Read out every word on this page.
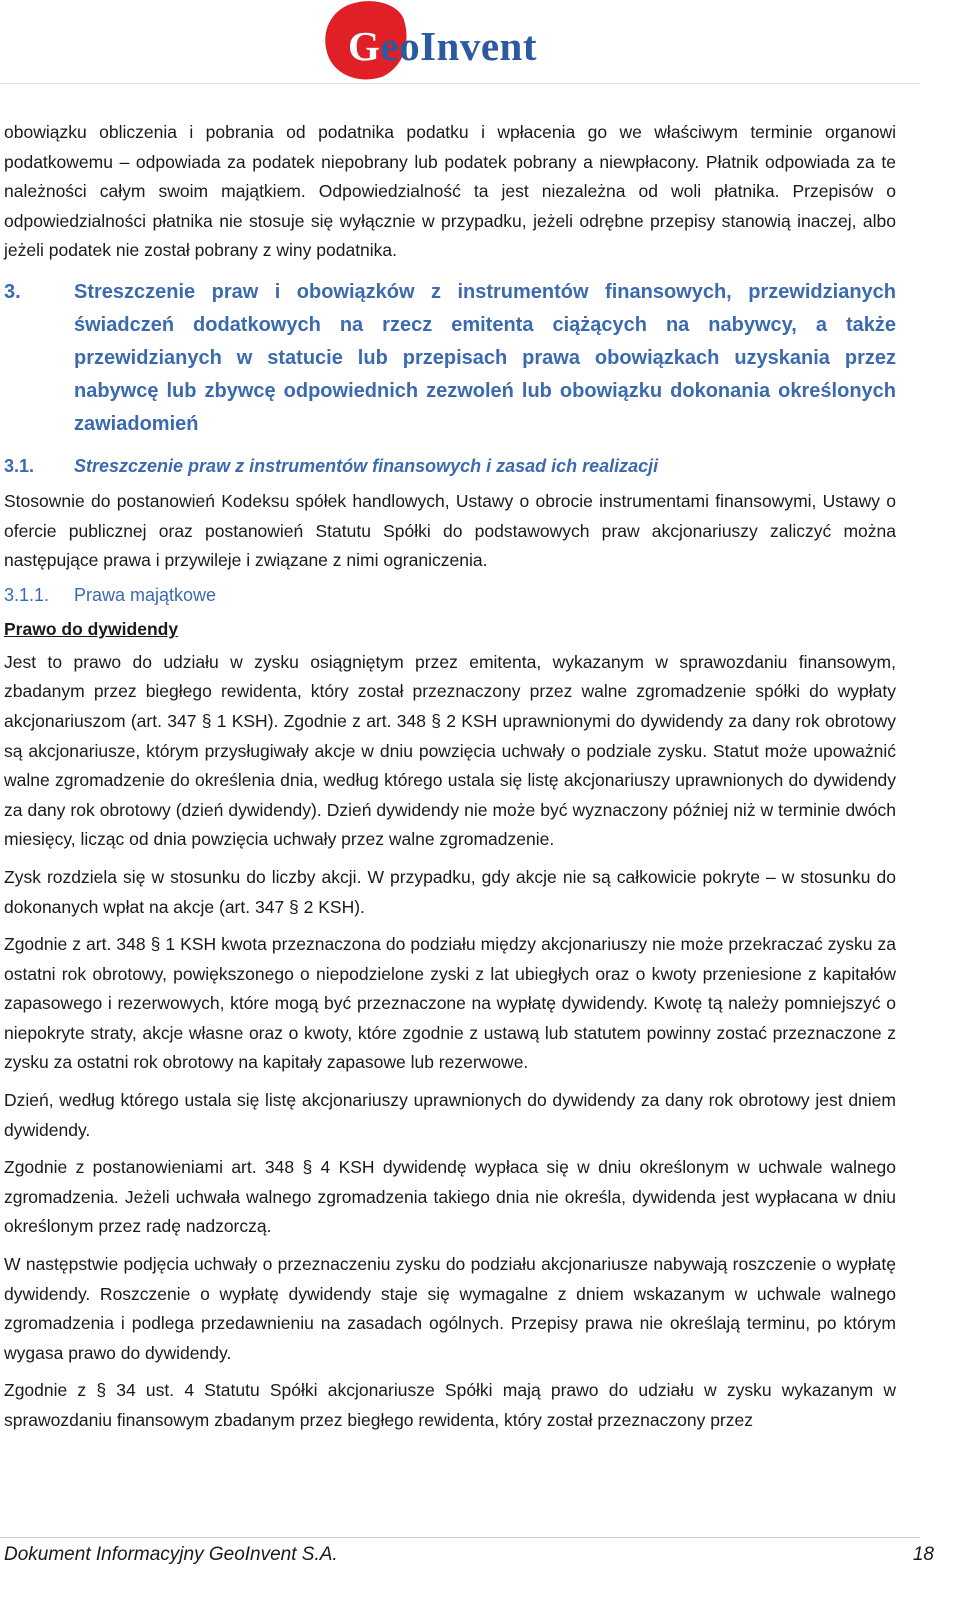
GeoInvent

obowiązku obliczenia i pobrania od podatnika podatku i wpłacenia go we właściwym terminie organowi podatkowemu – odpowiada za podatek niepobrany lub podatek pobrany a niewpłacony. Płatnik odpowiada za te należności całym swoim majątkiem. Odpowiedzialność ta jest niezależna od woli płatnika. Przepisów o odpowiedzialności płatnika nie stosuje się wyłącznie w przypadku, jeżeli odrębne przepisy stanowią inaczej, albo jeżeli podatek nie został pobrany z winy podatnika.

3.	Streszczenie praw i obowiązków z instrumentów finansowych, przewidzianych świadczeń dodatkowych na rzecz emitenta ciążących na nabywcy, a także przewidzianych w statucie lub przepisach prawa obowiązkach uzyskania przez nabywcę lub zbywcę odpowiednich zezwoleń lub obowiązku dokonania określonych zawiadomień
3.1.	Streszczenie praw z instrumentów finansowych i zasad ich realizacji

Stosownie do postanowień Kodeksu spółek handlowych, Ustawy o obrocie instrumentami finansowymi, Ustawy o ofercie publicznej oraz postanowień Statutu Spółki do podstawowych praw akcjonariuszy zaliczyć można następujące prawa i przywileje i związane z nimi ograniczenia.

3.1.1.	Prawa majątkowe
Prawo do dywidendy

Jest to prawo do udziału w zysku osiągniętym przez emitenta, wykazanym w sprawozdaniu finansowym, zbadanym przez biegłego rewidenta, który został przeznaczony przez walne zgromadzenie spółki do wypłaty akcjonariuszom (art. 347 § 1 KSH). Zgodnie z art. 348 § 2 KSH uprawnionymi do dywidendy za dany rok obrotowy są akcjonariusze, którym przysługiwały akcje w dniu powzięcia uchwały o podziale zysku. Statut może upoważnić walne zgromadzenie do określenia dnia, według którego ustala się listę akcjonariuszy uprawnionych do dywidendy za dany rok obrotowy (dzień dywidendy). Dzień dywidendy nie może być wyznaczony później niż w terminie dwóch miesięcy, licząc od dnia powzięcia uchwały przez walne zgromadzenie.

Zysk rozdziela się w stosunku do liczby akcji. W przypadku, gdy akcje nie są całkowicie pokryte – w stosunku do dokonanych wpłat na akcje (art. 347 § 2 KSH).

Zgodnie z art. 348 § 1 KSH kwota przeznaczona do podziału między akcjonariuszy nie może przekraczać zysku za ostatni rok obrotowy, powiększonego o niepodzielone zyski z lat ubiegłych oraz o kwoty przeniesione z kapitałów zapasowego i rezerwowych, które mogą być przeznaczone na wypłatę dywidendy. Kwotę tą należy pomniejszyć o niepokryte straty, akcje własne oraz o kwoty, które zgodnie z ustawą lub statutem powinny zostać przeznaczone z zysku za ostatni rok obrotowy na kapitały zapasowe lub rezerwowe.

Dzień, według którego ustala się listę akcjonariuszy uprawnionych do dywidendy za dany rok obrotowy jest dniem dywidendy.

Zgodnie z postanowieniami art. 348 § 4 KSH dywidendę wypłaca się w dniu określonym w uchwale walnego zgromadzenia. Jeżeli uchwała walnego zgromadzenia takiego dnia nie określa, dywidenda jest wypłacana w dniu określonym przez radę nadzorczą.

W następstwie podjęcia uchwały o przeznaczeniu zysku do podziału akcjonariusze nabywają roszczenie o wypłatę dywidendy. Roszczenie o wypłatę dywidendy staje się wymagalne z dniem wskazanym w uchwale walnego zgromadzenia i podlega przedawnieniu na zasadach ogólnych. Przepisy prawa nie określają terminu, po którym wygasa prawo do dywidendy.

Zgodnie z § 34 ust. 4 Statutu Spółki akcjonariusze Spółki mają prawo do udziału w zysku wykazanym w sprawozdaniu finansowym zbadanym przez biegłego rewidenta, który został przeznaczony przez

Dokument Informacyjny GeoInvent S.A.	18
